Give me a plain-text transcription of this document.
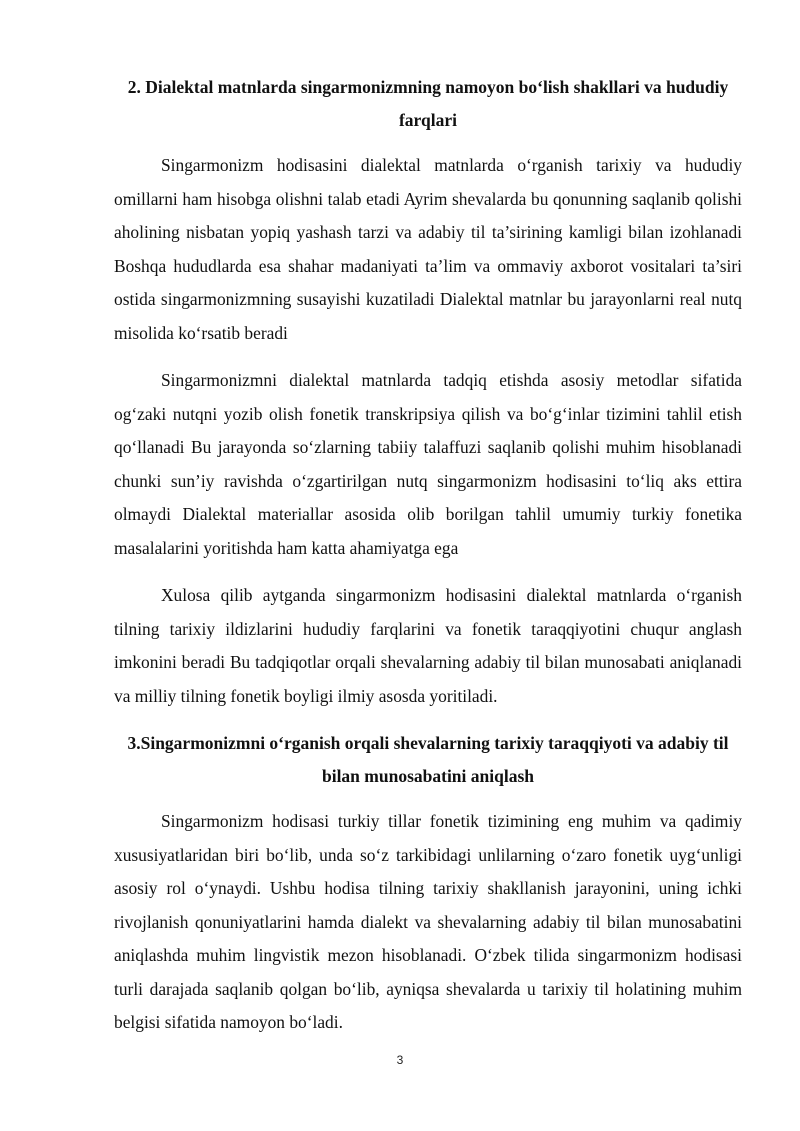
2. Dialektal matnlarda singarmonizmning namoyon bo‘lish shakllari va hududiy farqlari

Singarmonizm hodisasini dialektal matnlarda o‘rganish tarixiy va hududiy omillarni ham hisobga olishni talab etadi Ayrim shevalarda bu qonunning saqlanib qolishi aholining nisbatan yopiq yashash tarzi va adabiy til ta’sirining kamligi bilan izohlanadi Boshqa hududlarda esa shahar madaniyati ta’lim va ommaviy axborot vositalari ta’siri ostida singarmonizmning susayishi kuzatiladi Dialektal matnlar bu jarayonlarni real nutq misolida ko‘rsatib beradi

Singarmonizmni dialektal matnlarda tadqiq etishda asosiy metodlar sifatida og‘zaki nutqni yozib olish fonetik transkripsiya qilish va bo‘g‘inlar tizimini tahlil etish qo‘llanadi Bu jarayonda so‘zlarning tabiiy talaffuzi saqlanib qolishi muhim hisoblanadi chunki sun’iy ravishda o‘zgartirilgan nutq singarmonizm hodisasini to‘liq aks ettira olmaydi Dialektal materiallar asosida olib borilgan tahlil umumiy turkiy fonetika masalalarini yoritishda ham katta ahamiyatga ega

Xulosa qilib aytganda singarmonizm hodisasini dialektal matnlarda o‘rganish tilning tarixiy ildizlarini hududiy farqlarini va fonetik taraqqiyotini chuqur anglash imkonini beradi Bu tadqiqotlar orqali shevalarning adabiy til bilan munosabati aniqlanadi va milliy tilning fonetik boyligi ilmiy asosda yoritiladi.

3.Singarmonizmni o‘rganish orqali shevalarning tarixiy taraqqiyoti va adabiy til bilan munosabatini aniqlash

Singarmonizm hodisasi turkiy tillar fonetik tizimining eng muhim va qadimiy xususiyatlaridan biri bo‘lib, unda so‘z tarkibidagi unlilarning o‘zaro fonetik uyg‘unligi asosiy rol o‘ynaydi. Ushbu hodisa tilning tarixiy shakllanish jarayonini, uning ichki rivojlanish qonuniyatlarini hamda dialekt va shevalarning adabiy til bilan munosabatini aniqlashda muhim lingvistik mezon hisoblanadi. O‘zbek tilida singarmonizm hodisasi turli darajada saqlanib qolgan bo‘lib, ayniqsa shevalarda u tarixiy til holatining muhim belgisi sifatida namoyon bo‘ladi.

3
